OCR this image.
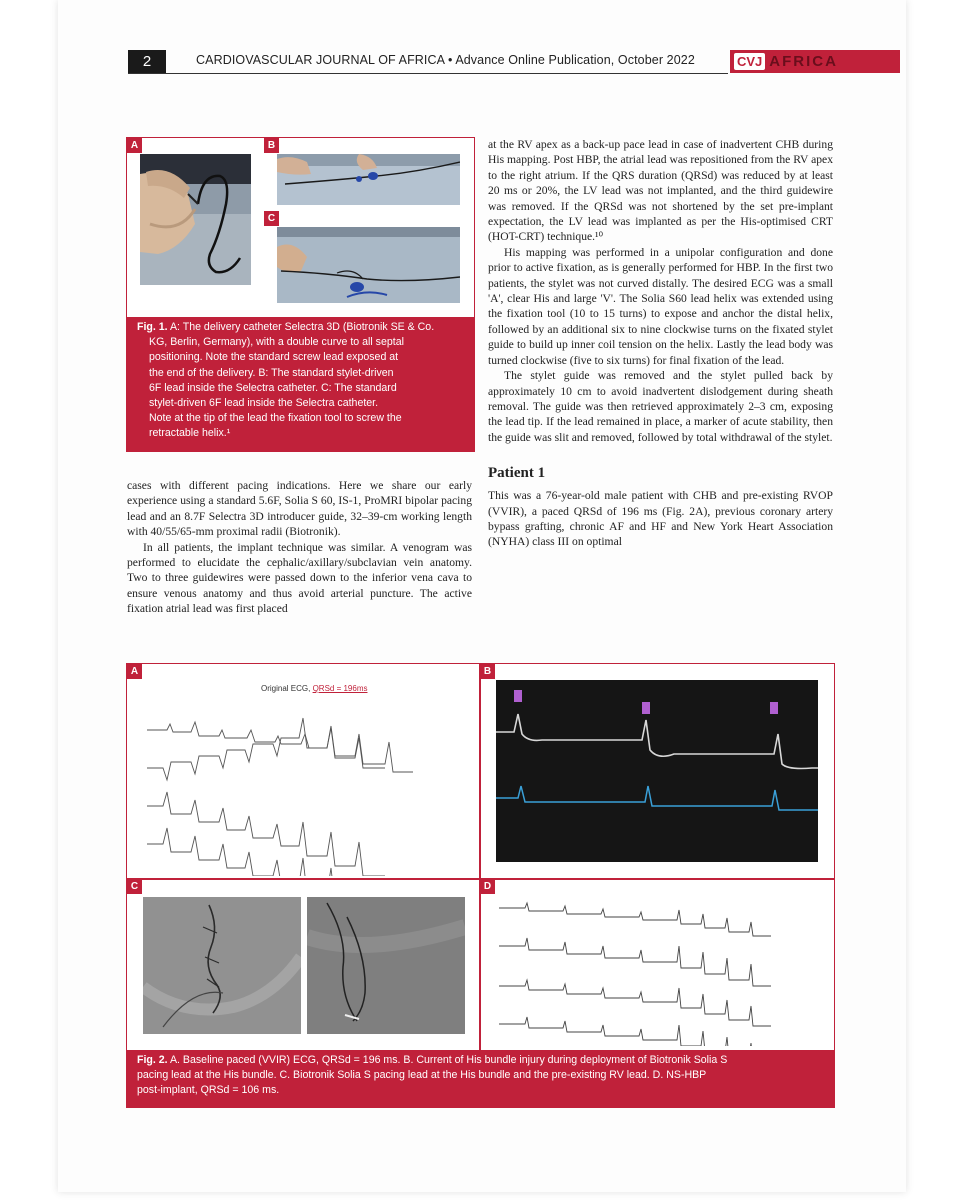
2	CARDIOVASCULAR JOURNAL OF AFRICA • Advance Online Publication, October 2022	CVJ AFRICA
A	B
C
Fig. 1. A: The delivery catheter Selectra 3D (Biotronik SE & Co.
KG, Berlin, Germany), with a double curve to all septal
positioning. Note the standard screw lead exposed at
the end of the delivery. B: The standard stylet-driven
6F lead inside the Selectra catheter. C: The standard
stylet-driven 6F lead inside the Selectra catheter.
Note at the tip of the lead the fixation tool to screw the
retractable helix.¹

cases with different pacing indications. Here we share our early experience using a standard 5.6F, Solia S 60, IS-1, ProMRI bipolar pacing lead and an 8.7F Selectra 3D introducer guide, 32–39-cm working length with 40/55/65-mm proximal radii (Biotronik).

In all patients, the implant technique was similar. A venogram was performed to elucidate the cephalic/axillary/subclavian vein anatomy. Two to three guidewires were passed down to the inferior vena cava to ensure venous anatomy and thus avoid arterial puncture. The active fixation atrial lead was first placed

at the RV apex as a back-up pace lead in case of inadvertent CHB during His mapping. Post HBP, the atrial lead was repositioned from the RV apex to the right atrium. If the QRS duration (QRSd) was reduced by at least 20 ms or 20%, the LV lead was not implanted, and the third guidewire was removed. If the QRSd was not shortened by the set pre-implant expectation, the LV lead was implanted as per the His-optimised CRT (HOT-CRT) technique.¹⁰

His mapping was performed in a unipolar configuration and done prior to active fixation, as is generally performed for HBP. In the first two patients, the stylet was not curved distally. The desired ECG was a small 'A', clear His and large 'V'. The Solia S60 lead helix was extended using the fixation tool (10 to 15 turns) to expose and anchor the distal helix, followed by an additional six to nine clockwise turns on the fixated stylet guide to build up inner coil tension on the helix. Lastly the lead body was turned clockwise (five to six turns) for final fixation of the lead.

The stylet guide was removed and the stylet pulled back by approximately 10 cm to avoid inadvertent dislodgement during sheath removal. The guide was then retrieved approximately 2–3 cm, exposing the lead tip. If the lead remained in place, a marker of acute stability, then the guide was slit and removed, followed by total withdrawal of the stylet.

Patient 1

This was a 76-year-old male patient with CHB and pre-existing RVOP (VVIR), a paced QRSd of 196 ms (Fig. 2A), previous coronary artery bypass grafting, chronic AF and HF and New York Heart Association (NYHA) class III on optimal

A	B
C	D
Original ECG, QRSd = 196ms
Fig. 2. A. Baseline paced (VVIR) ECG, QRSd = 196 ms. B. Current of His bundle injury during deployment of Biotronik Solia S
pacing lead at the His bundle. C. Biotronik Solia S pacing lead at the His bundle and the pre-existing RV lead. D. NS-HBP
post-implant, QRSd = 106 ms.
